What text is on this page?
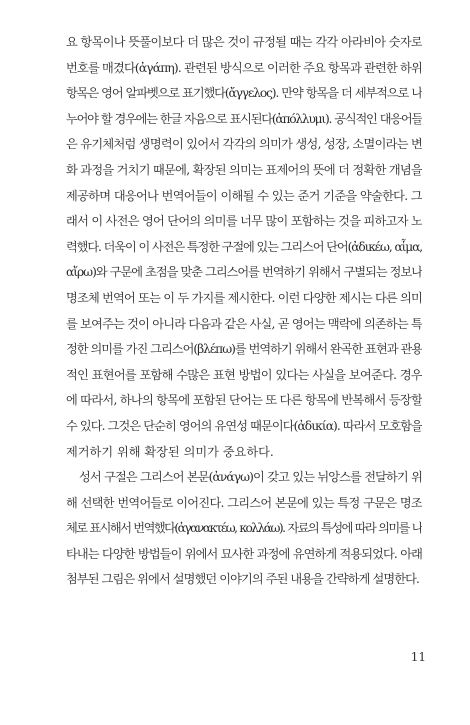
요 항목이나 뜻풀이보다 더 많은 것이 규정될 때는 각각 아라비아 숫자로
번호를 매겼다(ἀγάπη). 관련된 방식으로 이러한 주요 항목과 관련한 하위
항목은 영어 알파벳으로 표기했다(ἄγγελος). 만약 항목을 더 세부적으로 나
누어야 할 경우에는 한글 자음으로 표시된다(ἀπόλλυμι). 공식적인 대응어들
은 유기체처럼 생명력이 있어서 각각의 의미가 생성, 성장, 소멸이라는 변
화 과정을 거치기 때문에, 확장된 의미는 표제어의 뜻에 더 정확한 개념을
제공하며 대응어나 번역어들이 이해될 수 있는 준거 기준을 약술한다. 그
래서 이 사전은 영어 단어의 의미를 너무 많이 포함하는 것을 피하고자 노
력했다. 더욱이 이 사전은 특정한 구절에 있는 그리스어 단어(ἀδικέω, αἷμα,
αἴρω)와 구문에 초점을 맞춘 그리스어를 번역하기 위해서 구별되는 정보나
명조체 번역어 또는 이 두 가지를 제시한다. 이런 다양한 제시는 다른 의미
를 보여주는 것이 아니라 다음과 같은 사실, 곧 영어는 맥락에 의존하는 특
정한 의미를 가진 그리스어(βλέπω)를 번역하기 위해서 완곡한 표현과 관용
적인 표현어를 포함해 수많은 표현 방법이 있다는 사실을 보여준다. 경우
에 따라서, 하나의 항목에 포함된 단어는 또 다른 항목에 반복해서 등장할
수 있다. 그것은 단순히 영어의 유연성 때문이다(ἀδικία). 따라서 모호함을
제거하기 위해 확장된 의미가 중요하다.
성서 구절은 그리스어 본문(ἀνάγω)이 갖고 있는 뉘앙스를 전달하기 위
해 선택한 번역어들로 이어진다. 그리스어 본문에 있는 특정 구문은 명조
체로 표시해서 번역했다(ἀγανακτέω, κολλάω). 자료의 특성에 따라 의미를 나
타내는 다양한 방법들이 위에서 묘사한 과정에 유연하게 적용되었다. 아래
첨부된 그림은 위에서 설명했던 이야기의 주된 내용을 간략하게 설명한다.
11
